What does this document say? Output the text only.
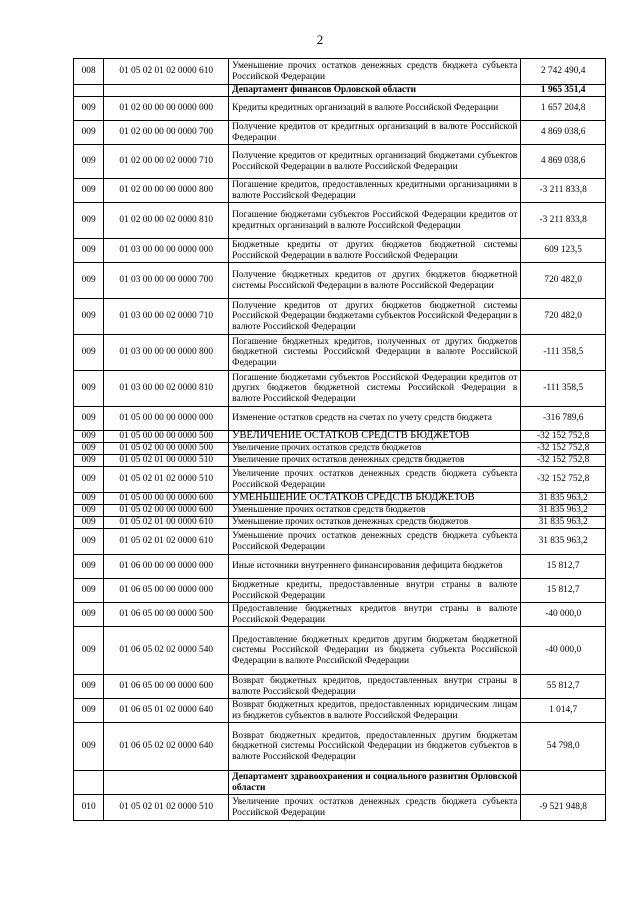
2
008	01 05 02 01 02 0000 610	Уменьшение прочих остатков денежных средств бюджета субъекта Российской Федерации	2 742 490,4
		Департамент финансов Орловской области	1 965 351,4
009	01 02 00 00 00 0000 000	Кредиты кредитных организаций в валюте Российской Федерации	1 657 204,8
009	01 02 00 00 00 0000 700	Получение кредитов от кредитных организаций в валюте Российской Федерации	4 869 038,6
009	01 02 00 00 02 0000 710	Получение кредитов от кредитных организаций бюджетами субъектов Российской Федерации в валюте Российской Федерации	4 869 038,6
009	01 02 00 00 00 0000 800	Погашение кредитов, предоставленных кредитными организациями в валюте Российской Федерации	-3 211 833,8
009	01 02 00 00 02 0000 810	Погашение бюджетами субъектов Российской Федерации кредитов от кредитных организаций в валюте Российской Федерации	-3 211 833,8
009	01 03 00 00 00 0000 000	Бюджетные кредиты от других бюджетов бюджетной системы Российской Федерации в валюте Российской Федерации	609 123,5
009	01 03 00 00 00 0000 700	Получение бюджетных кредитов от других бюджетов бюджетной системы Российской Федерации в валюте Российской Федерации	720 482,0
009	01 03 00 00 02 0000 710	Получение кредитов от других бюджетов бюджетной системы Российской Федерации бюджетами субъектов Российской Федерации в валюте Российской Федерации	720 482,0
009	01 03 00 00 00 0000 800	Погашение бюджетных кредитов, полученных от других бюджетов бюджетной системы Российской Федерации в валюте Российской Федерации	-111 358,5
009	01 03 00 00 02 0000 810	Погашение бюджетами субъектов Российской Федерации кредитов от других бюджетов бюджетной системы Российской Федерации в валюте Российской Федерации	-111 358,5
009	01 05 00 00 00 0000 000	Изменение остатков средств на счетах по учету средств бюджета	-316 789,6
009	01 05 00 00 00 0000 500	УВЕЛИЧЕНИЕ ОСТАТКОВ СРЕДСТВ БЮДЖЕТОВ	-32 152 752,8
009	01 05 02 00 00 0000 500	Увеличение прочих остатков средств бюджетов	-32 152 752,8
009	01 05 02 01 00 0000 510	Увеличение прочих остатков денежных средств бюджетов	-32 152 752,8
009	01 05 02 01 02 0000 510	Увеличение прочих остатков денежных средств бюджета субъекта Российской Федерации	-32 152 752,8
009	01 05 00 00 00 0000 600	УМЕНЬШЕНИЕ ОСТАТКОВ СРЕДСТВ БЮДЖЕТОВ	31 835 963,2
009	01 05 02 00 00 0000 600	Уменьшение прочих остатков средств бюджетов	31 835 963,2
009	01 05 02 01 00 0000 610	Уменьшение прочих остатков денежных средств бюджетов	31 835 963,2
009	01 05 02 01 02 0000 610	Уменьшение прочих остатков денежных средств бюджета субъекта Российской Федерации	31 835 963,2
009	01 06 00 00 00 0000 000	Иные источники внутреннего финансирования дефицита бюджетов	15 812,7
009	01 06 05 00 00 0000 000	Бюджетные кредиты, предоставленные внутри страны в валюте Российской Федерации	15 812,7
009	01 06 05 00 00 0000 500	Предоставление бюджетных кредитов внутри страны в валюте Российской Федерации	-40 000,0
009	01 06 05 02 02 0000 540	Предоставление бюджетных кредитов другим бюджетам бюджетной системы Российской Федерации из бюджета субъекта Российской Федерации в валюте Российской Федерации	-40 000,0
009	01 06 05 00 00 0000 600	Возврат бюджетных кредитов, предоставленных внутри страны в валюте Российской Федерации	55 812,7
009	01 06 05 01 02 0000 640	Возврат бюджетных кредитов, предоставленных юридическим лицам из бюджетов субъектов в валюте Российской Федерации	1 014,7
009	01 06 05 02 02 0000 640	Возврат бюджетных кредитов, предоставленных другим бюджетам бюджетной системы Российской Федерации из бюджетов субъектов в валюте Российской Федерации	54 798,0
		Департамент здравоохранения и социального развития Орловской области	
010	01 05 02 01 02 0000 510	Увеличение прочих остатков денежных средств бюджета субъекта Российской Федерации	-9 521 948,8
